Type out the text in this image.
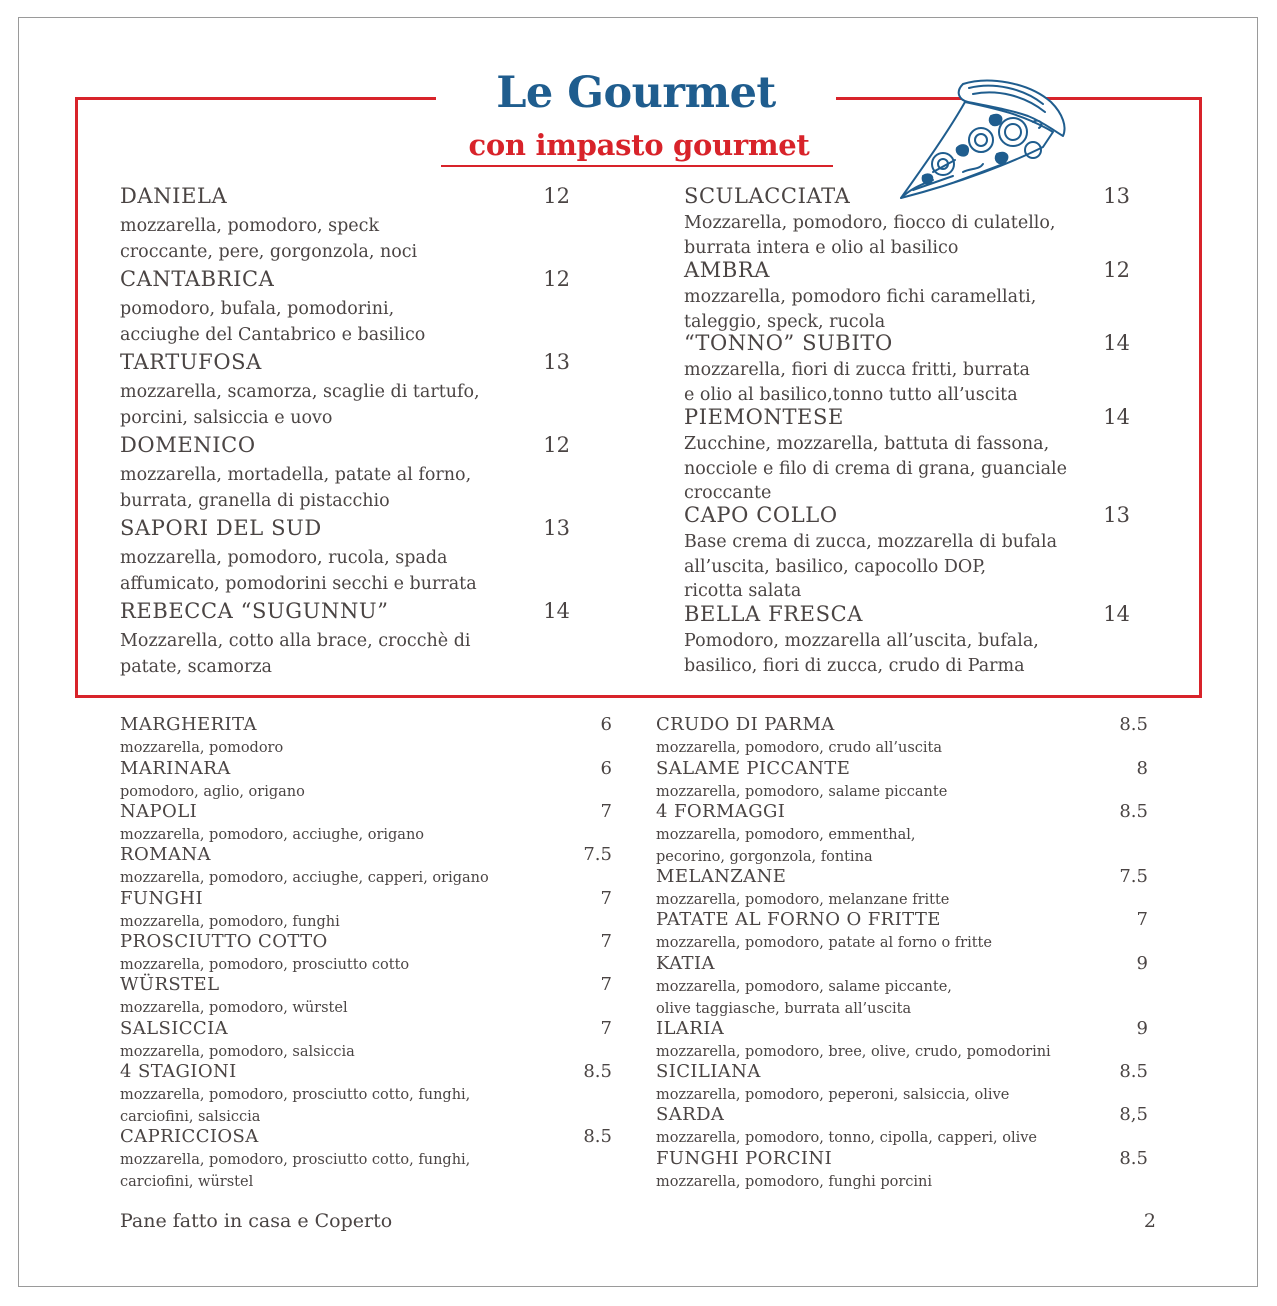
Le Gourmet
con impasto gourmet
DANIELA	12
mozzarella, pomodoro, speck
croccante, pere, gorgonzola, noci
CANTABRICA	12
pomodoro, bufala, pomodorini,
acciughe del Cantabrico e basilico
TARTUFOSA	13
mozzarella, scamorza, scaglie di tartufo,
porcini, salsiccia e uovo
DOMENICO	12
mozzarella, mortadella, patate al forno,
burrata, granella di pistacchio
SAPORI DEL SUD	13
mozzarella, pomodoro, rucola, spada
affumicato, pomodorini secchi e burrata
REBECCA “SUGUNNU”	14
Mozzarella, cotto alla brace, crocchè di
patate, scamorza
SCULACCIATA	13
Mozzarella, pomodoro, fiocco di culatello,
burrata intera e olio al basilico
AMBRA	12
mozzarella, pomodoro fichi caramellati,
taleggio, speck, rucola
“TONNO” SUBITO	14
mozzarella, fiori di zucca fritti, burrata
e olio al basilico,tonno tutto all’uscita
PIEMONTESE	14
Zucchine, mozzarella, battuta di fassona,
nocciole e filo di crema di grana, guanciale
croccante
CAPO COLLO	13
Base crema di zucca, mozzarella di bufala
all’uscita, basilico, capocollo DOP,
ricotta salata
BELLA FRESCA	14
Pomodoro, mozzarella all’uscita, bufala,
basilico, fiori di zucca, crudo di Parma
MARGHERITA	6
mozzarella, pomodoro
MARINARA	6
pomodoro, aglio, origano
NAPOLI	7
mozzarella, pomodoro, acciughe, origano
ROMANA	7.5
mozzarella, pomodoro, acciughe, capperi, origano
FUNGHI	7
mozzarella, pomodoro, funghi
PROSCIUTTO COTTO	7
mozzarella, pomodoro, prosciutto cotto
WÜRSTEL	7
mozzarella, pomodoro, würstel
SALSICCIA	7
mozzarella, pomodoro, salsiccia
4 STAGIONI	8.5
mozzarella, pomodoro, prosciutto cotto, funghi,
carciofini, salsiccia
CAPRICCIOSA	8.5
mozzarella, pomodoro, prosciutto cotto, funghi,
carciofini, würstel
CRUDO DI PARMA	8.5
mozzarella, pomodoro, crudo all’uscita
SALAME PICCANTE	8
mozzarella, pomodoro, salame piccante
4 FORMAGGI	8.5
mozzarella, pomodoro, emmenthal,
pecorino, gorgonzola, fontina
MELANZANE	7.5
mozzarella, pomodoro, melanzane fritte
PATATE AL FORNO O FRITTE	7
mozzarella, pomodoro, patate al forno o fritte
KATIA	9
mozzarella, pomodoro, salame piccante,
olive taggiasche, burrata all’uscita
ILARIA	9
mozzarella, pomodoro, bree, olive, crudo, pomodorini
SICILIANA	8.5
mozzarella, pomodoro, peperoni, salsiccia, olive
SARDA	8,5
mozzarella, pomodoro, tonno, cipolla, capperi, olive
FUNGHI PORCINI	8.5
mozzarella, pomodoro, funghi porcini
Pane fatto in casa e Coperto	2
